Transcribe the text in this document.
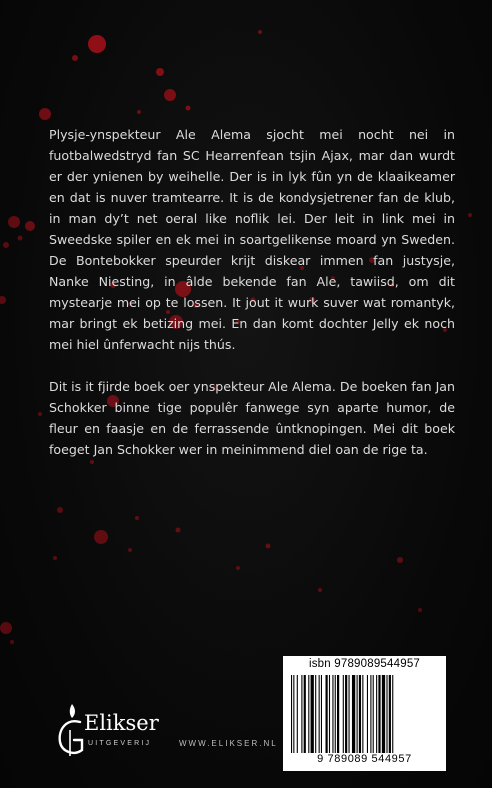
Plysje-ynspekteur Ale Alema sjocht mei nocht nei in fuotbalwedstryd fan SC Hearrenfean tsjin Ajax, mar dan wurdt er der ynienen by weihelle. Der is in lyk fûn yn de klaaikeamer en dat is nuver tramtearre. It is de kondysjetrener fan de klub, in man dy’t net oeral like noflik lei. Der leit in link mei in Sweedske spiler en ek mei in soartgelikense moard yn Sweden. De Bontebokker speurder krijt diskear immen fan justysje, Nanke Niesting, in âlde bekende fan Ale, tawiisd, om dit mystearje mei op te lossen. It jout it wurk suver wat romantyk, mar bringt ek betizing mei. En dan komt dochter Jelly ek noch mei hiel ûnferwacht nijs thús.

Dit is it fjirde boek oer ynspekteur Ale Alema. De boeken fan Jan Schokker binne tige populêr fanwege syn aparte humor, de fleur en faasje en de ferrassende ûntknopingen. Mei dit boek foeget Jan Schokker wer in meinimmend diel oan de rige ta.

isbn 9789089544957
9 789089 544957
Elikser
UITGEVERIJ	WWW.ELIKSER.NL
